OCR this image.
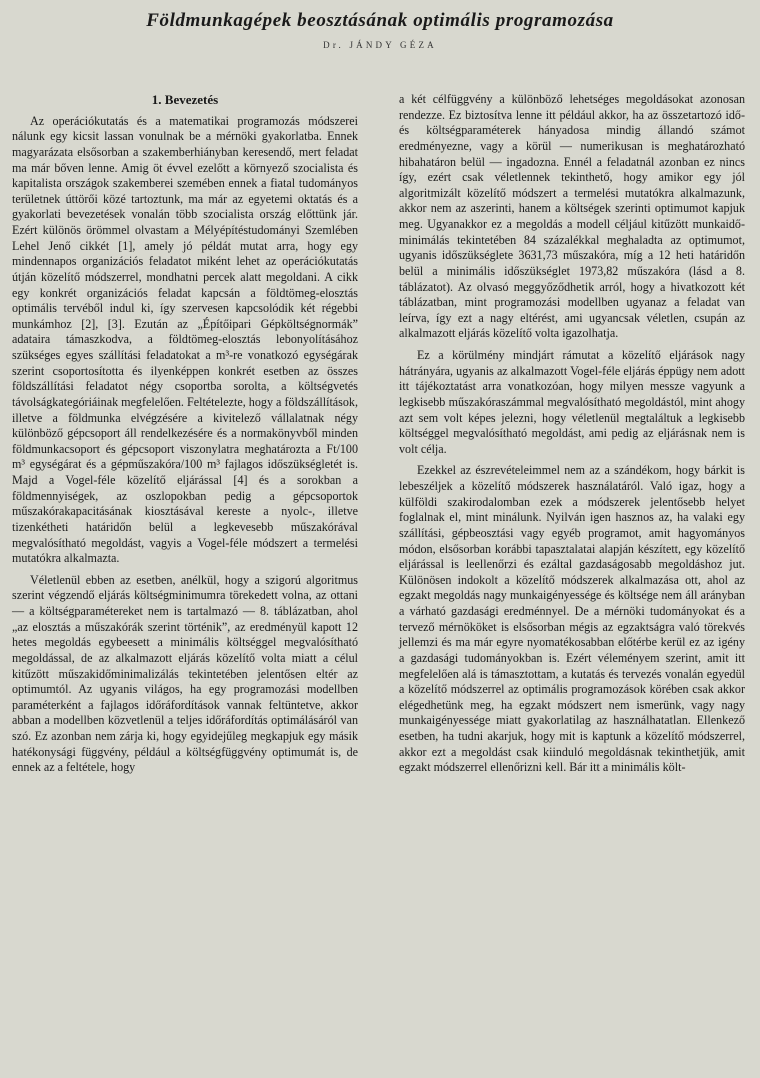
Földmunkagépek beosztásának optimális programozása
Dr. JÁNDY GÉZA
1. Bevezetés

Az operációkutatás és a matematikai programozás módszerei nálunk egy kicsit lassan vonulnak be a mérnöki gyakorlatba. Ennek magyarázata elsősorban a szakemberhiányban keresendő, mert feladat ma már bőven lenne. Amig öt évvel ezelőtt a környező szocialista és kapitalista országok szakemberei szemében ennek a fiatal tudományos területnek úttörői közé tartoztunk, ma már az egyetemi oktatás és a gyakorlati bevezetések vonalán több szocialista ország előttünk jár. Ezért különös örömmel olvastam a Mélyépítéstudományi Szemlében Lehel Jenő cikkét [1], amely jó példát mutat arra, hogy egy mindennapos organizációs feladatot miként lehet az operációkutatás útján közelítő módszerrel, mondhatni percek alatt megoldani. A cikk egy konkrét organizációs feladat kapcsán a földtömeg-elosztás optimális tervéből indul ki, így szervesen kapcsolódik két régebbi munkámhoz [2], [3]. Ezután az „Építőipari Gépköltségnormák” adataira támaszkodva, a földtömeg-elosztás lebonyolításához szükséges egyes szállítási feladatokat a m³-re vonatkozó egységárak szerint csoportosította és ilyenképpen konkrét esetben az összes földszállítási feladatot négy csoportba sorolta, a költségvetés távolságkategóriáinak megfelelően. Feltételezte, hogy a földszállítások, illetve a földmunka elvégzésére a kivitelező vállalatnak négy különböző gépcsoport áll rendelkezésére és a normakönyvből minden földmunkacsoport és gépcsoport viszonylatra meghatározta a Ft/100 m³ egységárat és a gépműszakóra/100 m³ fajlagos időszükségletét is. Majd a Vogel-féle közelítő eljárással [4] és a sorokban a földmennyiségek, az oszlopokban pedig a gépcsoportok műszakórakapacitásának kiosztásával kereste a nyolc-, illetve tizenkétheti határidőn belül a legkevesebb műszakórával megvalósítható megoldást, vagyis a Vogel-féle módszert a termelési mutatókra alkalmazta.

Véletlenül ebben az esetben, anélkül, hogy a szigorú algoritmus szerint végzendő eljárás költségminimumra törekedett volna, az ottani — a költségparamétereket nem is tartalmazó — 8. táblázatban, ahol „az elosztás a műszakórák szerint történik”, az eredményül kapott 12 hetes megoldás egybeesett a minimális költséggel megvalósítható megoldással, de az alkalmazott eljárás közelítő volta miatt a célul kitűzött műszakidőminimalizálás tekintetében jelentősen eltér az optimumtól. Az ugyanis világos, ha egy programozási modellben paraméterként a fajlagos időráfordítások vannak feltüntetve, akkor abban a modellben közvetlenül a teljes időráfordítás optimálásáról van szó. Ez azonban nem zárja ki, hogy egyidejűleg megkapjuk egy másik hatékonysági függvény, például a költségfüggvény optimumát is, de ennek az a feltétele, hogy

a két célfüggvény a különböző lehetséges megoldásokat azonosan rendezze. Ez biztosítva lenne itt például akkor, ha az összetartozó idő- és költségparaméterek hányadosa mindig állandó számot eredményezne, vagy a körül — numerikusan is meghatározható hibahatáron belül — ingadozna. Ennél a feladatnál azonban ez nincs így, ezért csak véletlennek tekinthető, hogy amikor egy jól algoritmizált közelítő módszert a termelési mutatókra alkalmazunk, akkor nem az aszerinti, hanem a költségek szerinti optimumot kapjuk meg. Ugyanakkor ez a megoldás a modell céljául kitűzött munkaidő-minimálás tekintetében 84 százalékkal meghaladta az optimumot, ugyanis időszükséglete 3631,73 műszakóra, míg a 12 heti határidőn belül a minimális időszükséglet 1973,82 műszakóra (lásd a 8. táblázatot). Az olvasó meggyőződhetik arról, hogy a hivatkozott két táblázatban, mint programozási modellben ugyanaz a feladat van leírva, így ezt a nagy eltérést, ami ugyancsak véletlen, csupán az alkalmazott eljárás közelítő volta igazolhatja.

Ez a körülmény mindjárt rámutat a közelítő eljárások nagy hátrányára, ugyanis az alkalmazott Vogel-féle eljárás éppügy nem adott itt tájékoztatást arra vonatkozóan, hogy milyen messze vagyunk a legkisebb műszakóraszámmal megvalósítható megoldástól, mint ahogy azt sem volt képes jelezni, hogy véletlenül megtaláltuk a legkisebb költséggel megvalósítható megoldást, ami pedig az eljárásnak nem is volt célja.

Ezekkel az észrevételeimmel nem az a szándékom, hogy bárkit is lebeszéljek a közelítő módszerek használatáról. Való igaz, hogy a külföldi szakirodalomban ezek a módszerek jelentősebb helyet foglalnak el, mint minálunk. Nyilván igen hasznos az, ha valaki egy szállítási, gépbeosztási vagy egyéb programot, amit hagyományos módon, elsősorban korábbi tapasztalatai alapján készített, egy közelítő eljárással is leellenőrzi és ezáltal gazdaságosabb megoldáshoz jut. Különösen indokolt a közelítő módszerek alkalmazása ott, ahol az egzakt megoldás nagy munkaigényessége és költsége nem áll arányban a várható gazdasági eredménnyel. De a mérnöki tudományokat és a tervező mérnököket is elsősorban mégis az egzaktságra való törekvés jellemzi és ma már egyre nyomatékosabban előtérbe kerül ez az igény a gazdasági tudományokban is. Ezért véleményem szerint, amit itt megfelelően alá is támasztottam, a kutatás és tervezés vonalán egyedül a közelítő módszerrel az optimális programozások körében csak akkor elégedhetünk meg, ha egzakt módszert nem ismerünk, vagy nagy munkaigényessége miatt gyakorlatilag az használhatatlan. Ellenkező esetben, ha tudni akarjuk, hogy mit is kaptunk a közelítő módszerrel, akkor ezt a megoldást csak kiinduló megoldásnak tekinthetjük, amit egzakt módszerrel ellenőrizni kell. Bár itt a minimális költ-
